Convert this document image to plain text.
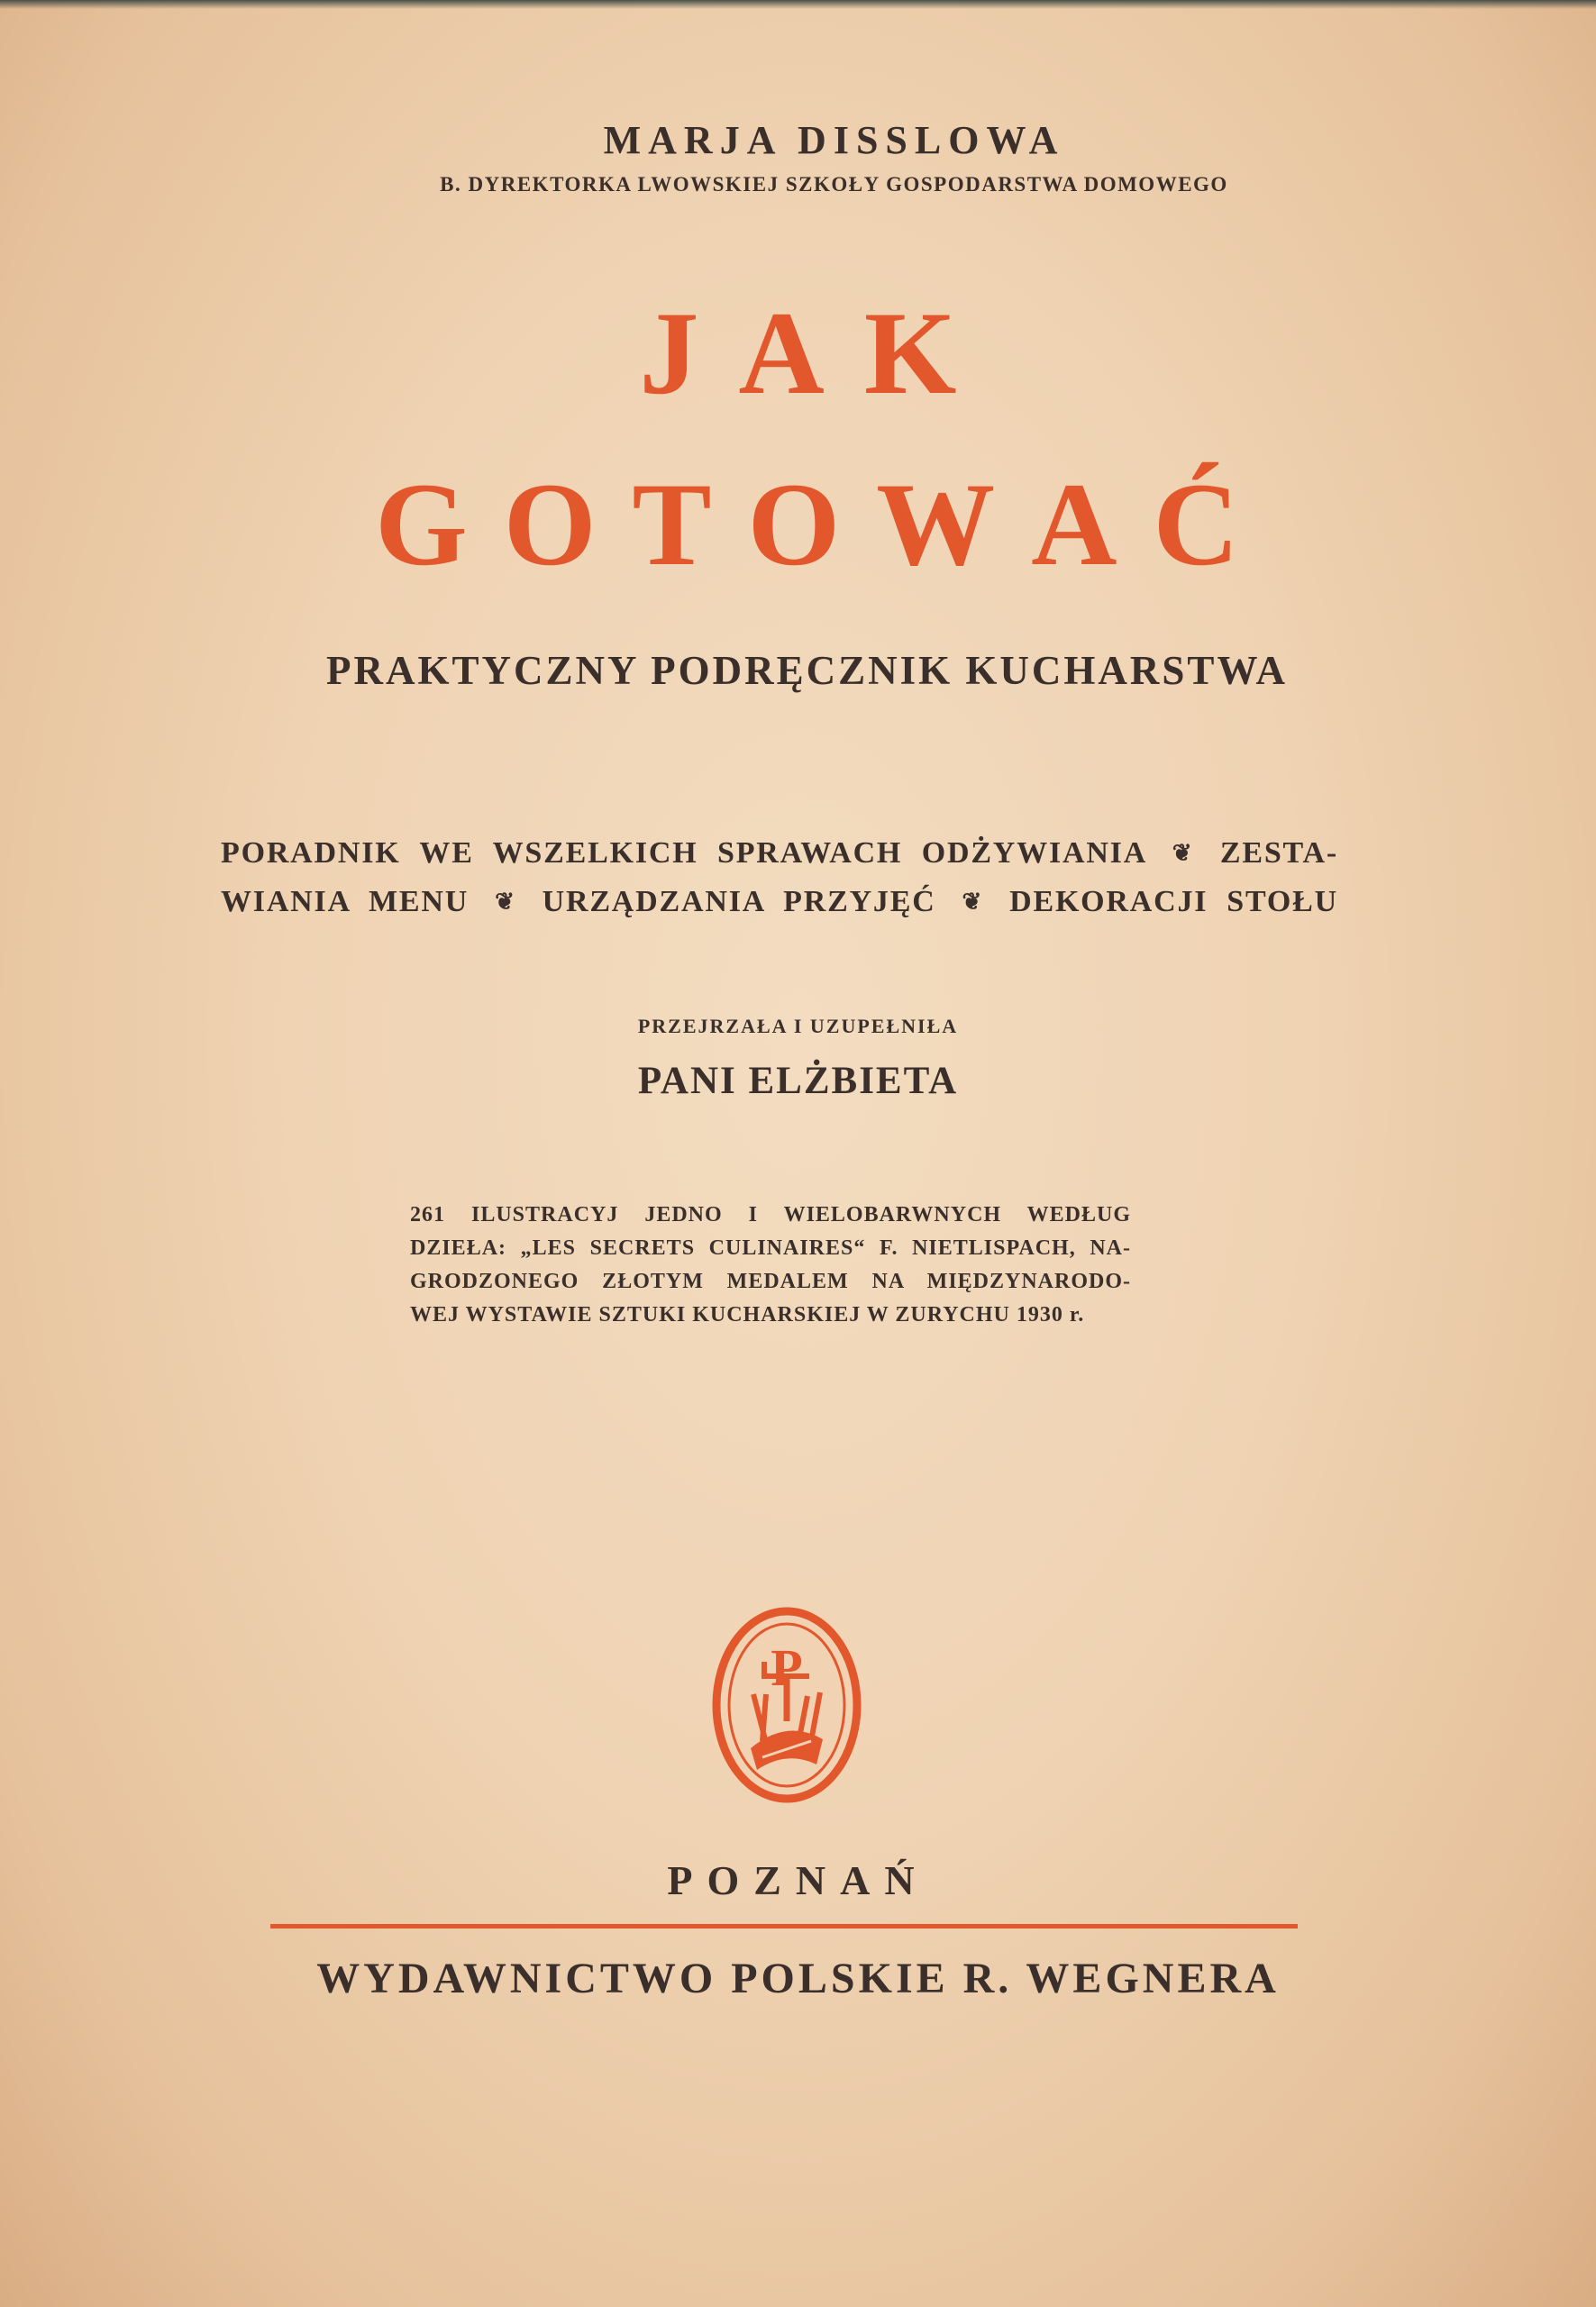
MARJA DISSLOWA
B. DYREKTORKA LWOWSKIEJ SZKOŁY GOSPODARSTWA DOMOWEGO
J A K
G O T O W A Ć
PRAKTYCZNY PODRĘCZNIK KUCHARSTWA
PORADNIK WE WSZELKICH SPRAWACH ODŻYWIANIA ❦ ZESTA-
WIANIA MENU ❦ URZĄDZANIA PRZYJĘĆ ❦ DEKORACJI STOŁU
PRZEJRZAŁA I UZUPEŁNIŁA
PANI ELŻBIETA
261 ILUSTRACYJ JEDNO I WIELOBARWNYCH WEDŁUG
DZIEŁA: „LES SECRETS CULINAIRES“ F. NIETLISPACH, NA-
GRODZONEGO ZŁOTYM MEDALEM NA MIĘDZYNARODO-
WEJ WYSTAWIE SZTUKI KUCHARSKIEJ W ZURYCHU 1930 r.
P
POZNAŃ
WYDAWNICTWO POLSKIE R. WEGNERA
